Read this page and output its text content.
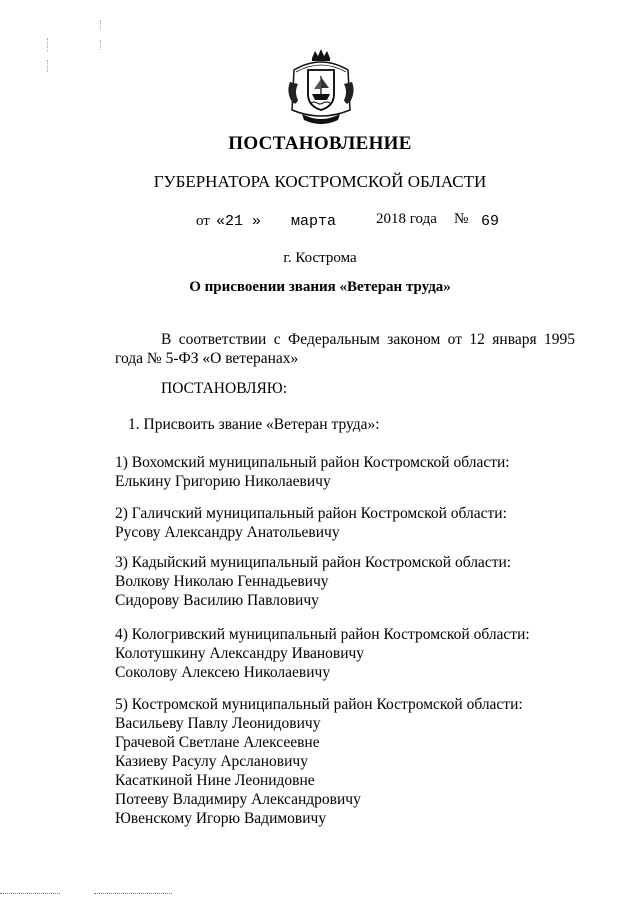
ПОСТАНОВЛЕНИЕ
ГУБЕРНАТОРА КОСТРОМСКОЙ ОБЛАСТИ
от «21 » марта	2018 года № 69
г. Кострома
О присвоении звания «Ветеран труда»
В соответствии с Федеральным законом от 12 января 1995 года № 5-ФЗ «О ветеранах»
ПОСТАНОВЛЯЮ:
1. Присвоить звание «Ветеран труда»:
1) Вохомский муниципальный район Костромской области:
Елькину Григорию Николаевичу
2) Галичский муниципальный район Костромской области:
Русову Александру Анатольевичу
3) Кадыйский муниципальный район Костромской области:
Волкову Николаю Геннадьевичу
Сидорову Василию Павловичу
4) Кологривский муниципальный район Костромской области:
Колотушкину Александру Ивановичу
Соколову Алексею Николаевичу
5) Костромской муниципальный район Костромской области:
Васильеву Павлу Леонидовичу
Грачевой Светлане Алексеевне
Казиеву Расулу Арслановичу
Касаткиной Нине Леонидовне
Потееву Владимиру Александровичу
Ювенскому Игорю Вадимовичу
